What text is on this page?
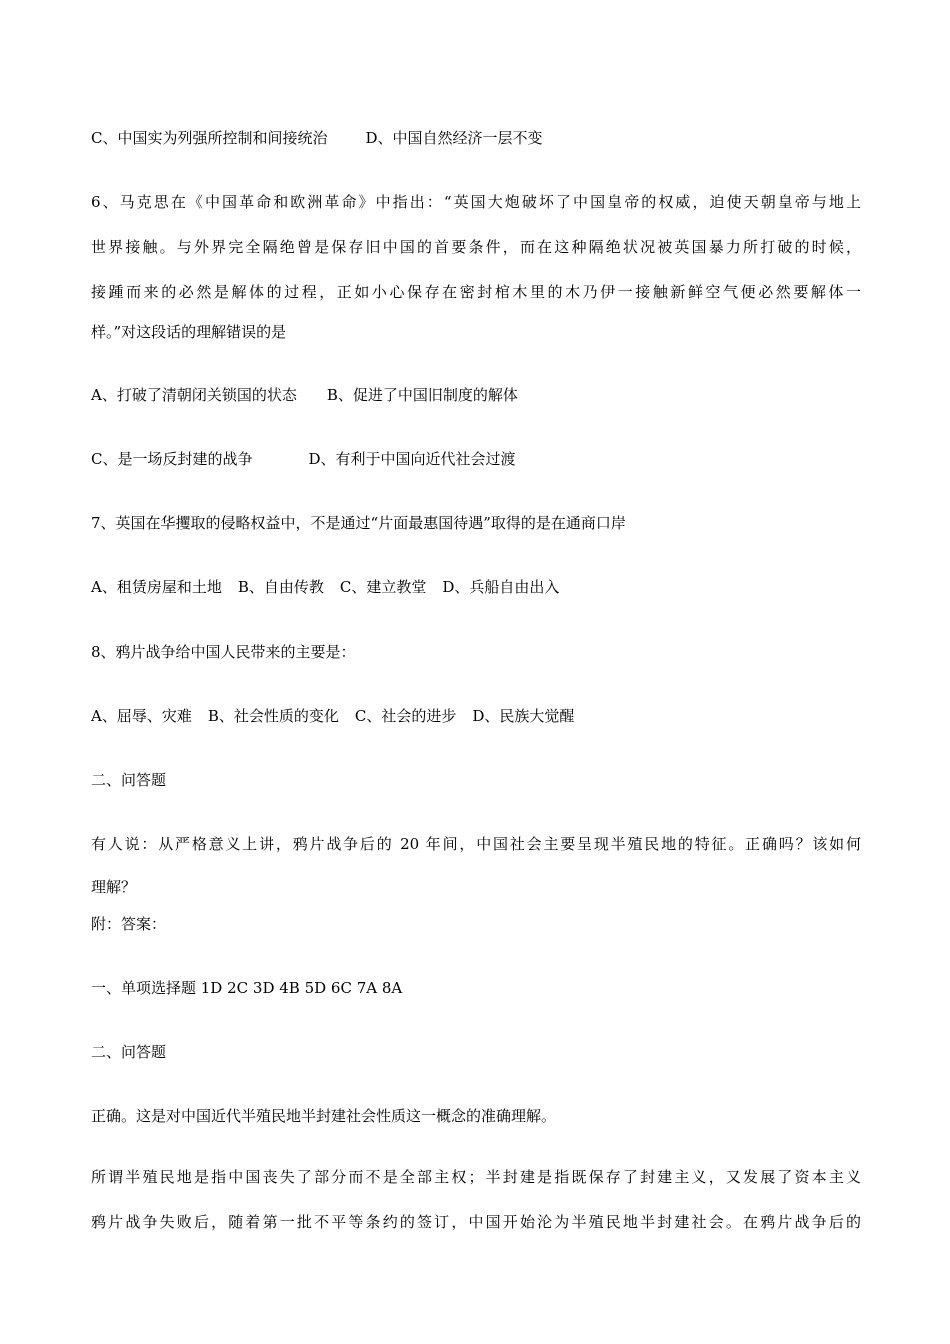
C、中国实为列强所控制和间接统治	D、中国自然经济一层不变
6、马克思在《中国革命和欧洲革命》中指出：“英国大炮破坏了中国皇帝的权威，迫使天朝皇帝与地上
世界接触。与外界完全隔绝曾是保存旧中国的首要条件，而在这种隔绝状况被英国暴力所打破的时候，
接踵而来的必然是解体的过程，正如小心保存在密封棺木里的木乃伊一接触新鲜空气便必然要解体一
样。”对这段话的理解错误的是
A、打破了清朝闭关锁国的状态 B、促进了中国旧制度的解体
C、是一场反封建的战争	D、有利于中国向近代社会过渡
7、英国在华攫取的侵略权益中，不是通过“片面最惠国待遇”取得的是在通商口岸
A、租赁房屋和土地 B、自由传教 C、建立教堂 D、兵船自由出入
8、鸦片战争给中国人民带来的主要是：
A、屈辱、灾难 B、社会性质的变化 C、社会的进步 D、民族大觉醒
二、问答题
有人说：从严格意义上讲，鸦片战争后的 20 年间，中国社会主要呈现半殖民地的特征。正确吗？该如何
理解？
附：答案：
一、单项选择题 1D 2C 3D 4B 5D 6C 7A 8A
二、问答题
正确。这是对中国近代半殖民地半封建社会性质这一概念的准确理解。
所谓半殖民地是指中国丧失了部分而不是全部主权；半封建是指既保存了封建主义，又发展了资本主义
鸦片战争失败后，随着第一批不平等条约的签订，中国开始沦为半殖民地半封建社会。在鸦片战争后的
